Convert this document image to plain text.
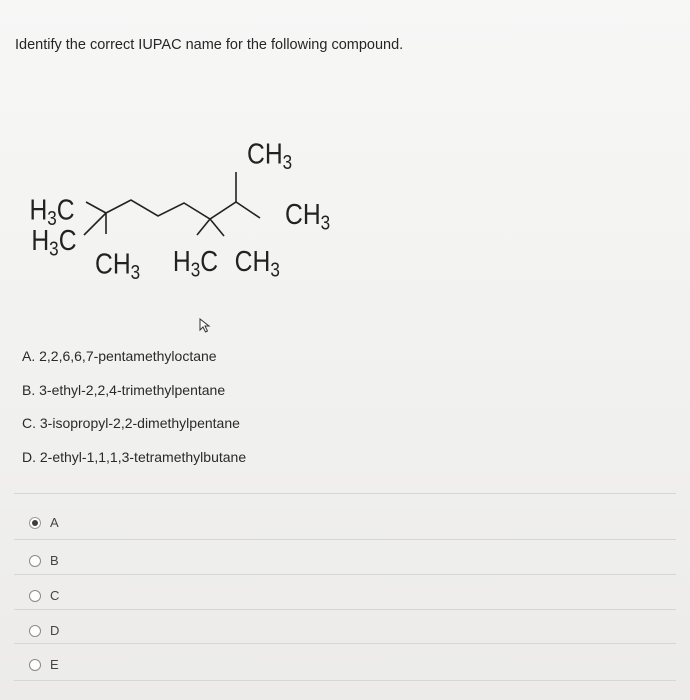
Identify the correct IUPAC name for the following compound.
H3C
H3C
CH3 H3C CH3
CH3
CH3
A. 2,2,6,6,7-pentamethyloctane
B. 3-ethyl-2,2,4-trimethylpentane
C. 3-isopropyl-2,2-dimethylpentane
D. 2-ethyl-1,1,1,3-tetramethylbutane
A
B
C
D
E
